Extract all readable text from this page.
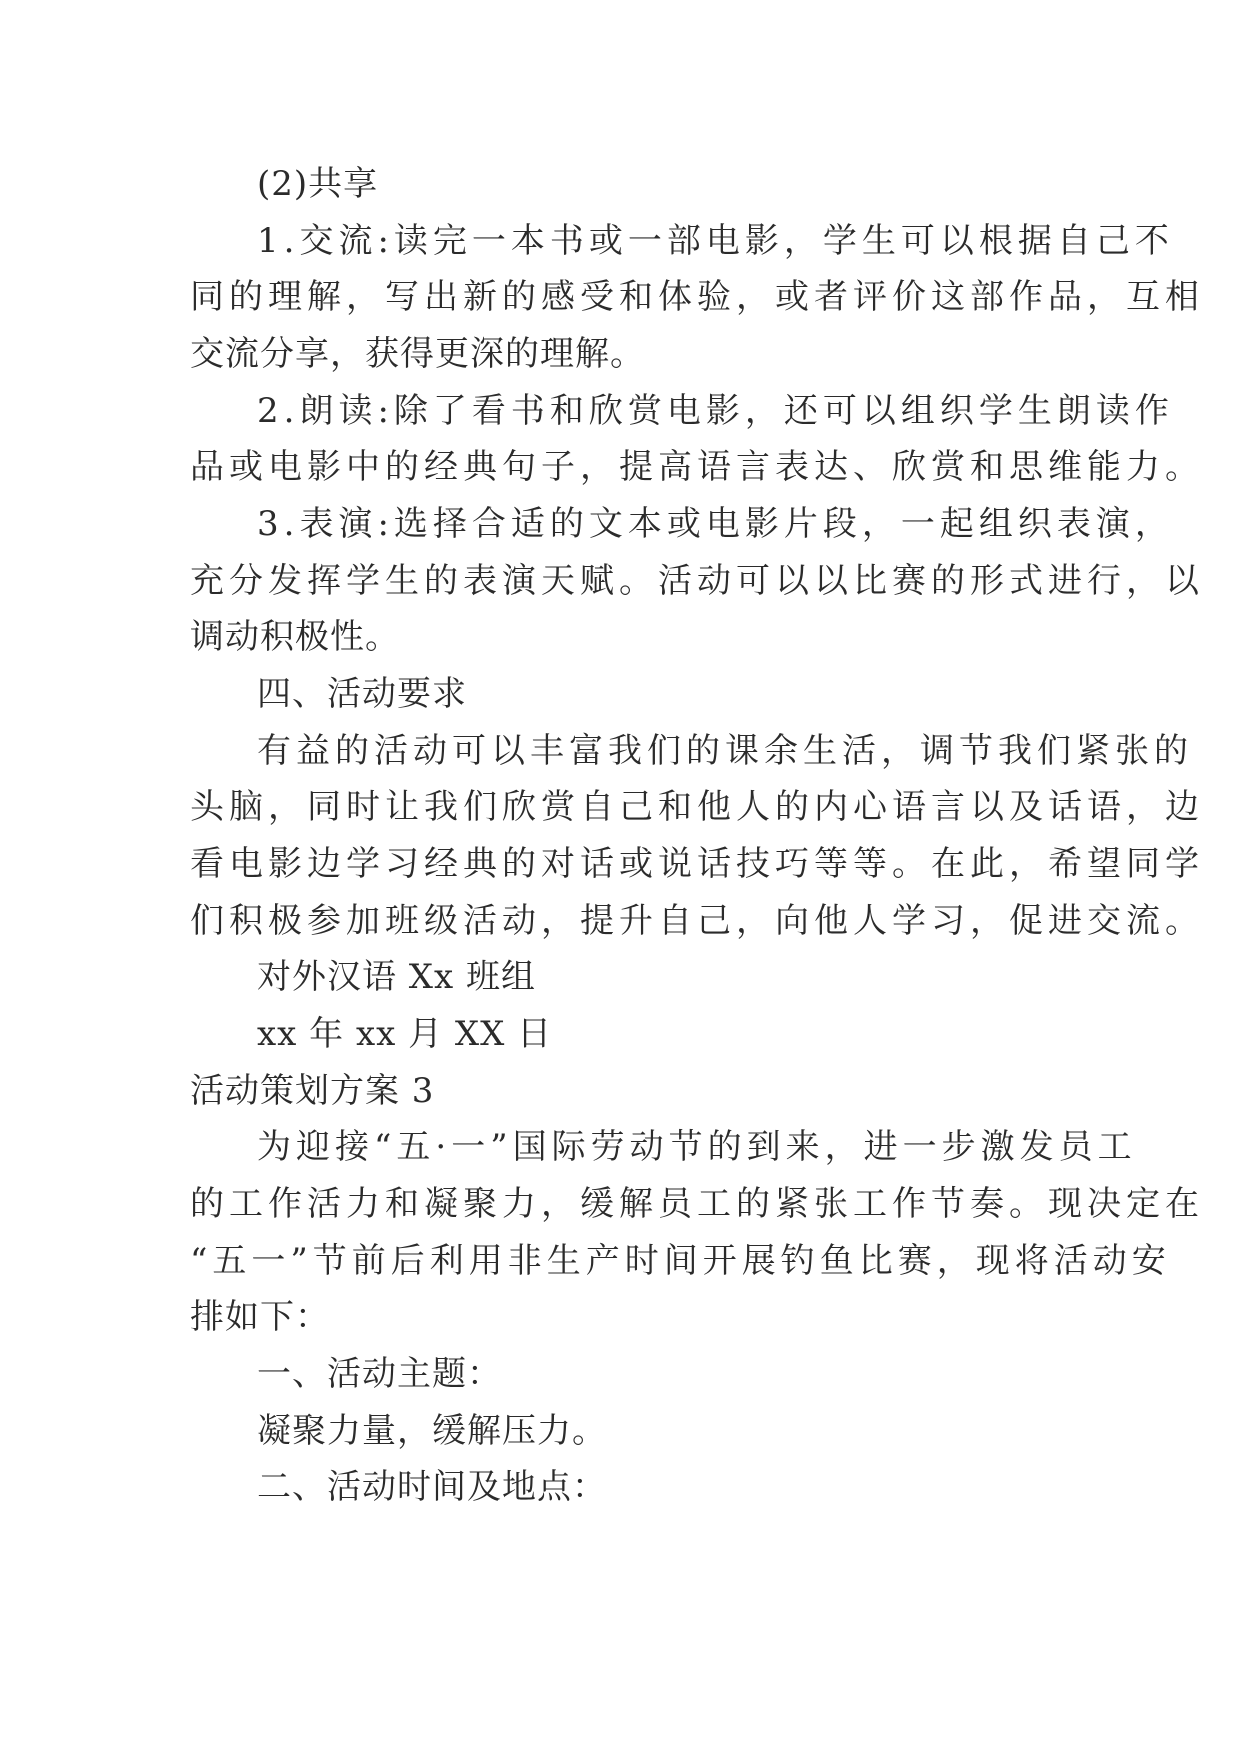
(2)共享
1.交流:读完一本书或一部电影，学生可以根据自己不
同的理解，写出新的感受和体验，或者评价这部作品，互相
交流分享，获得更深的理解。
2.朗读:除了看书和欣赏电影，还可以组织学生朗读作
品或电影中的经典句子，提高语言表达、欣赏和思维能力。
3.表演:选择合适的文本或电影片段，一起组织表演，
充分发挥学生的表演天赋。活动可以以比赛的形式进行，以
调动积极性。
四、活动要求
有益的活动可以丰富我们的课余生活，调节我们紧张的
头脑，同时让我们欣赏自己和他人的内心语言以及话语，边
看电影边学习经典的对话或说话技巧等等。在此，希望同学
们积极参加班级活动，提升自己，向他人学习，促进交流。
对外汉语 Xx 班组
xx 年 xx 月 XX 日
活动策划方案 3
为迎接“五·一”国际劳动节的到来，进一步激发员工
的工作活力和凝聚力，缓解员工的紧张工作节奏。现决定在
“五一”节前后利用非生产时间开展钓鱼比赛，现将活动安
排如下：
一、活动主题：
凝聚力量，缓解压力。
二、活动时间及地点：
